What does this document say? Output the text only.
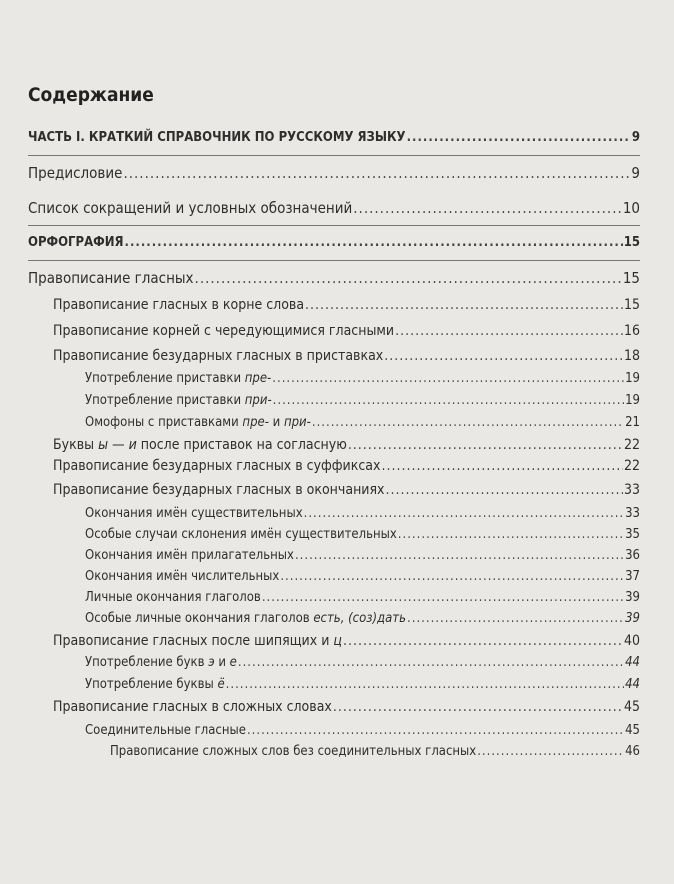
Содержание
ЧАСТЬ I. КРАТКИЙ СПРАВОЧНИК ПО РУССКОМУ ЯЗЫКУ .....	9
Предисловие .....	9
Список сокращений и условных обозначений .....	10
ОРФОГРАФИЯ .....	15
Правописание гласных .....	15
Правописание гласных в корне слова .....	15
Правописание корней с чередующимися гласными .....	16
Правописание безударных гласных в приставках .....	18
Употребление приставки пре- .....	19
Употребление приставки при- .....	19
Омофоны с приставками пре- и при- .....	21
Буквы ы — и после приставок на согласную .....	22
Правописание безударных гласных в суффиксах .....	22
Правописание безударных гласных в окончаниях .....	33
Окончания имён существительных .....	33
Особые случаи склонения имён существительных .....	35
Окончания имён прилагательных .....	36
Окончания имён числительных .....	37
Личные окончания глаголов .....	39
Особые личные окончания глаголов есть, (соз)дать .....	39
Правописание гласных после шипящих и ц .....	40
Употребление букв э и е .....	44
Употребление буквы ё .....	44
Правописание гласных в сложных словах .....	45
Соединительные гласные .....	45
Правописание сложных слов без соединительных гласных .....	46
